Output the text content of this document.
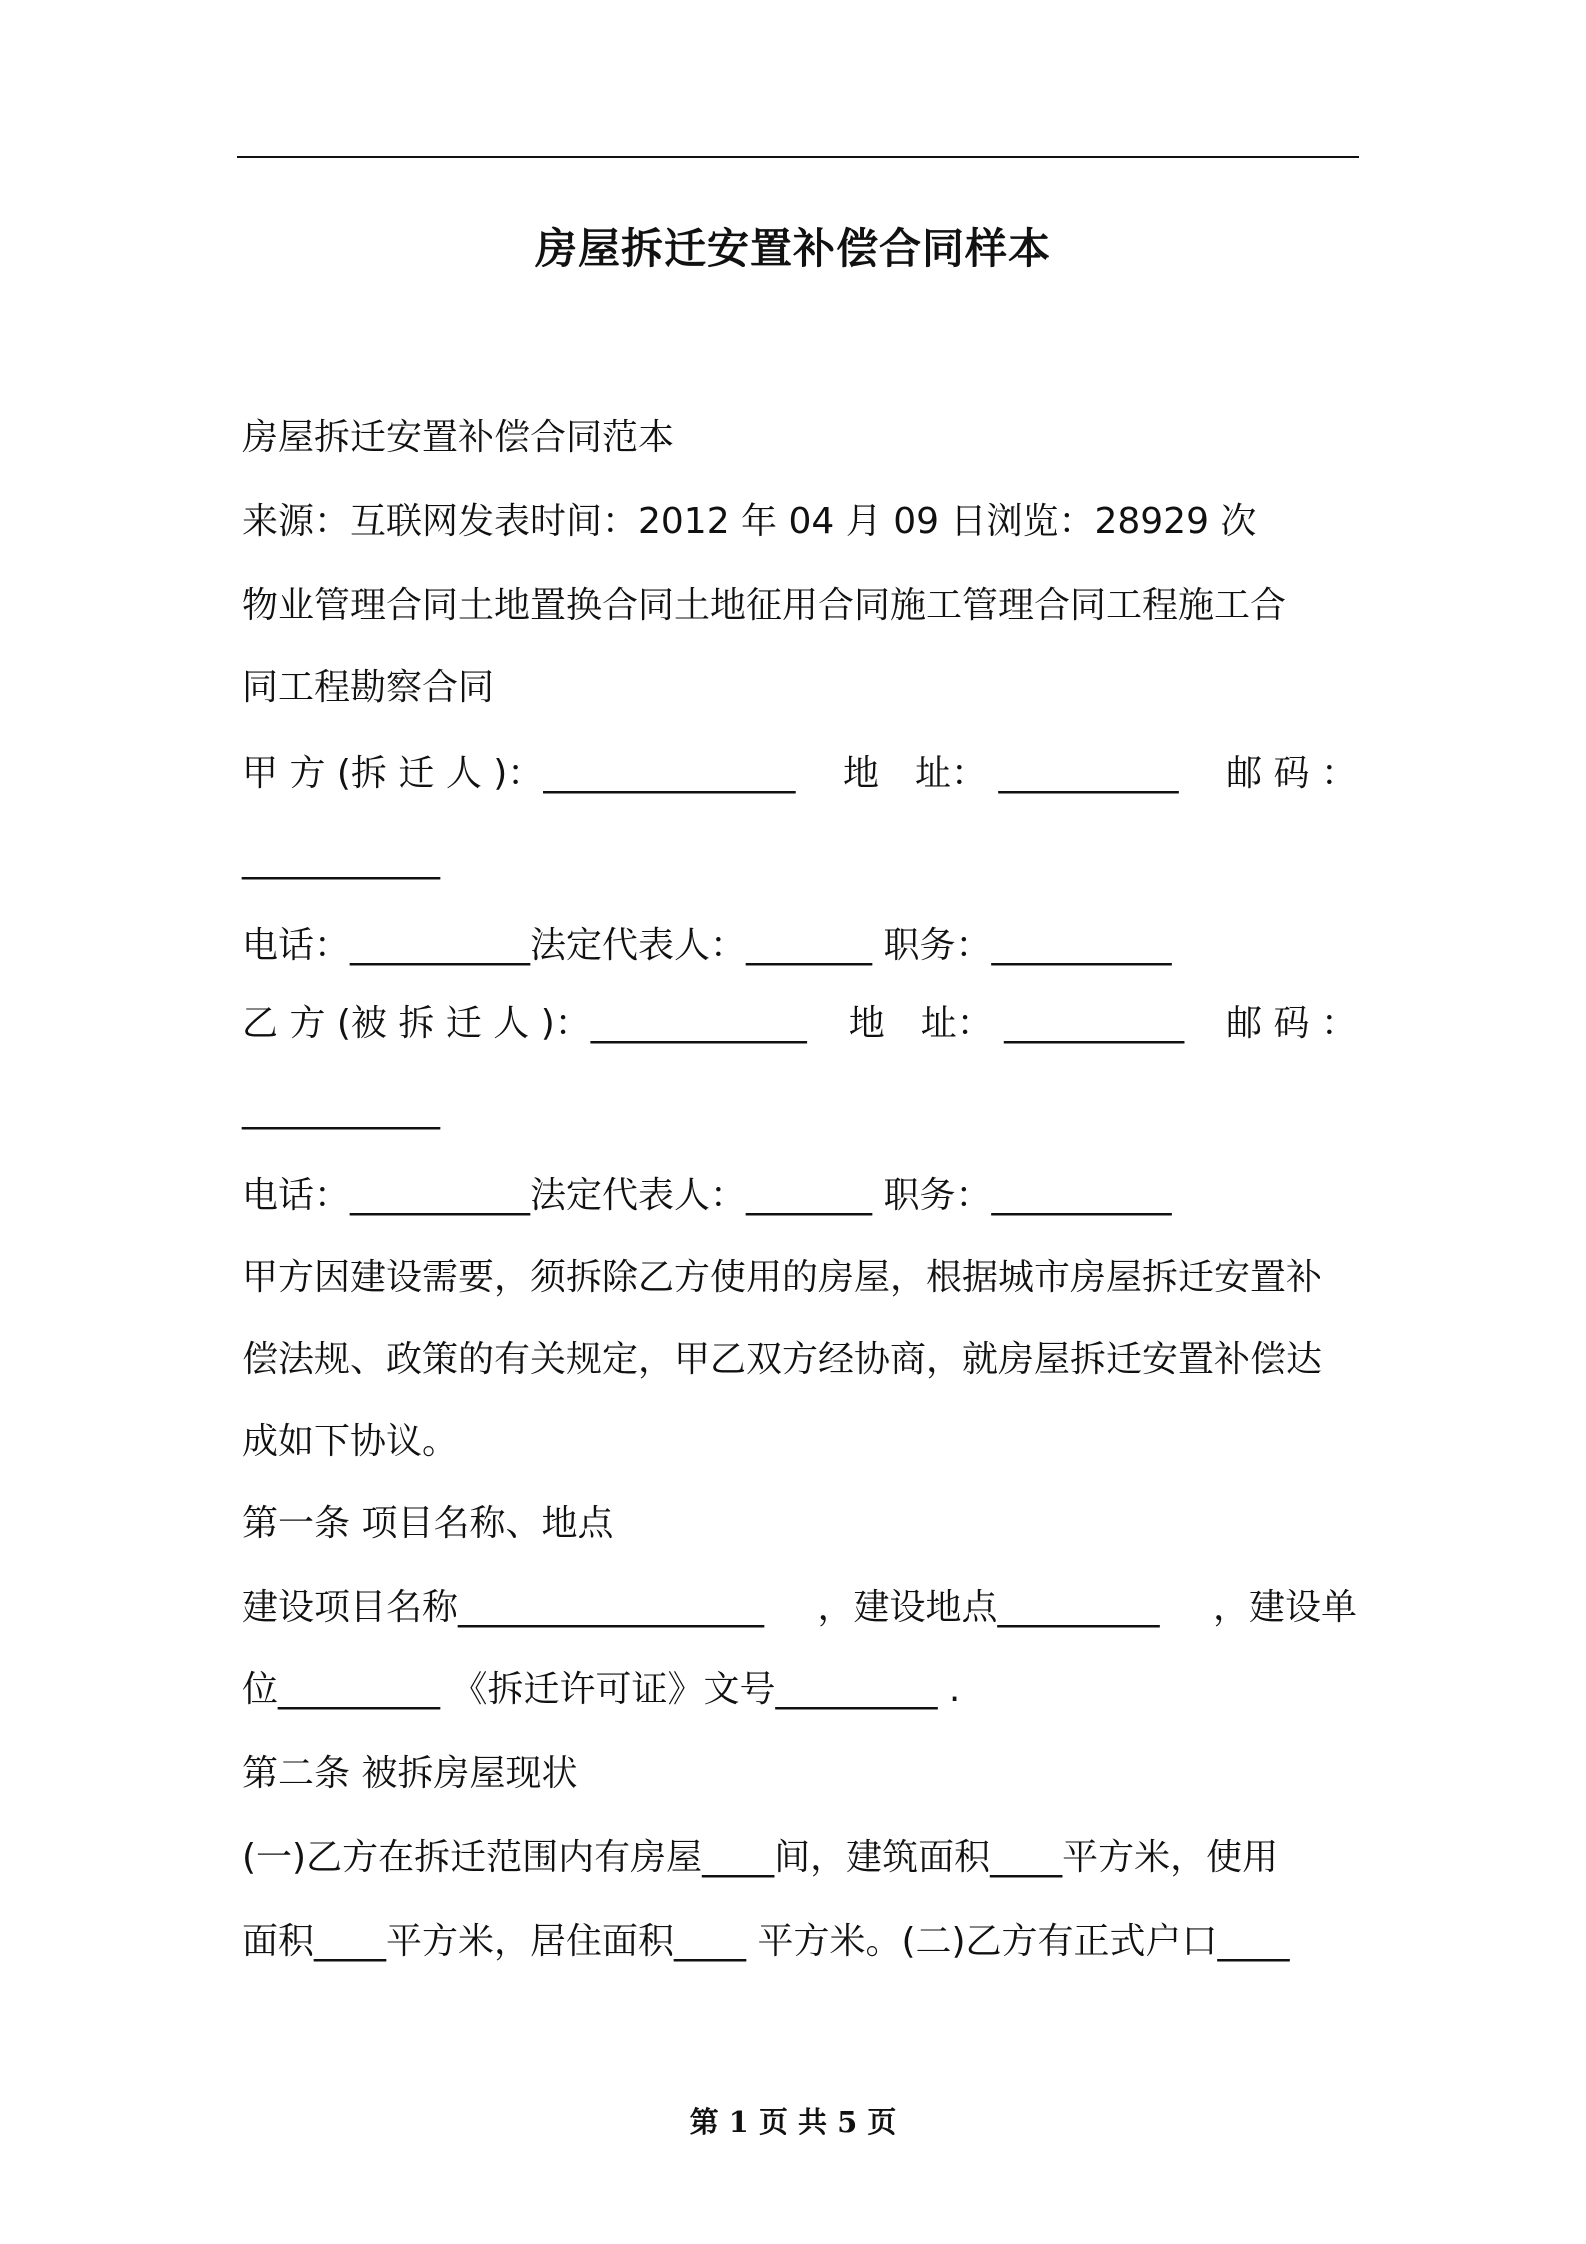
房屋拆迁安置补偿合同样本

房屋拆迁安置补偿合同范本

来源：互联网发表时间：2012 年 04 月 09 日浏览：28929 次

物业管理合同土地置换合同土地征用合同施工管理合同工程施工合

同工程勘察合同

甲 方 (拆 迁 人 )：______________ 地　址： __________ 邮 码 ：

___________

电话：__________法定代表人：_______ 职务：__________

乙 方 (被 拆 迁 人 )：____________ 地　址： __________ 邮 码 ：

___________

电话：__________法定代表人：_______ 职务：__________

甲方因建设需要，须拆除乙方使用的房屋，根据城市房屋拆迁安置补

偿法规、政策的有关规定，甲乙双方经协商，就房屋拆迁安置补偿达

成如下协议。

第一条 项目名称、地点

建设项目名称_________________ ，建设地点_________ ，建设单

位_________ 《拆迁许可证》文号_________ .

第二条 被拆房屋现状

(一)乙方在拆迁范围内有房屋____间，建筑面积____平方米，使用

面积____平方米，居住面积____ 平方米。(二)乙方有正式户口____

第 1 页 共 5 页
